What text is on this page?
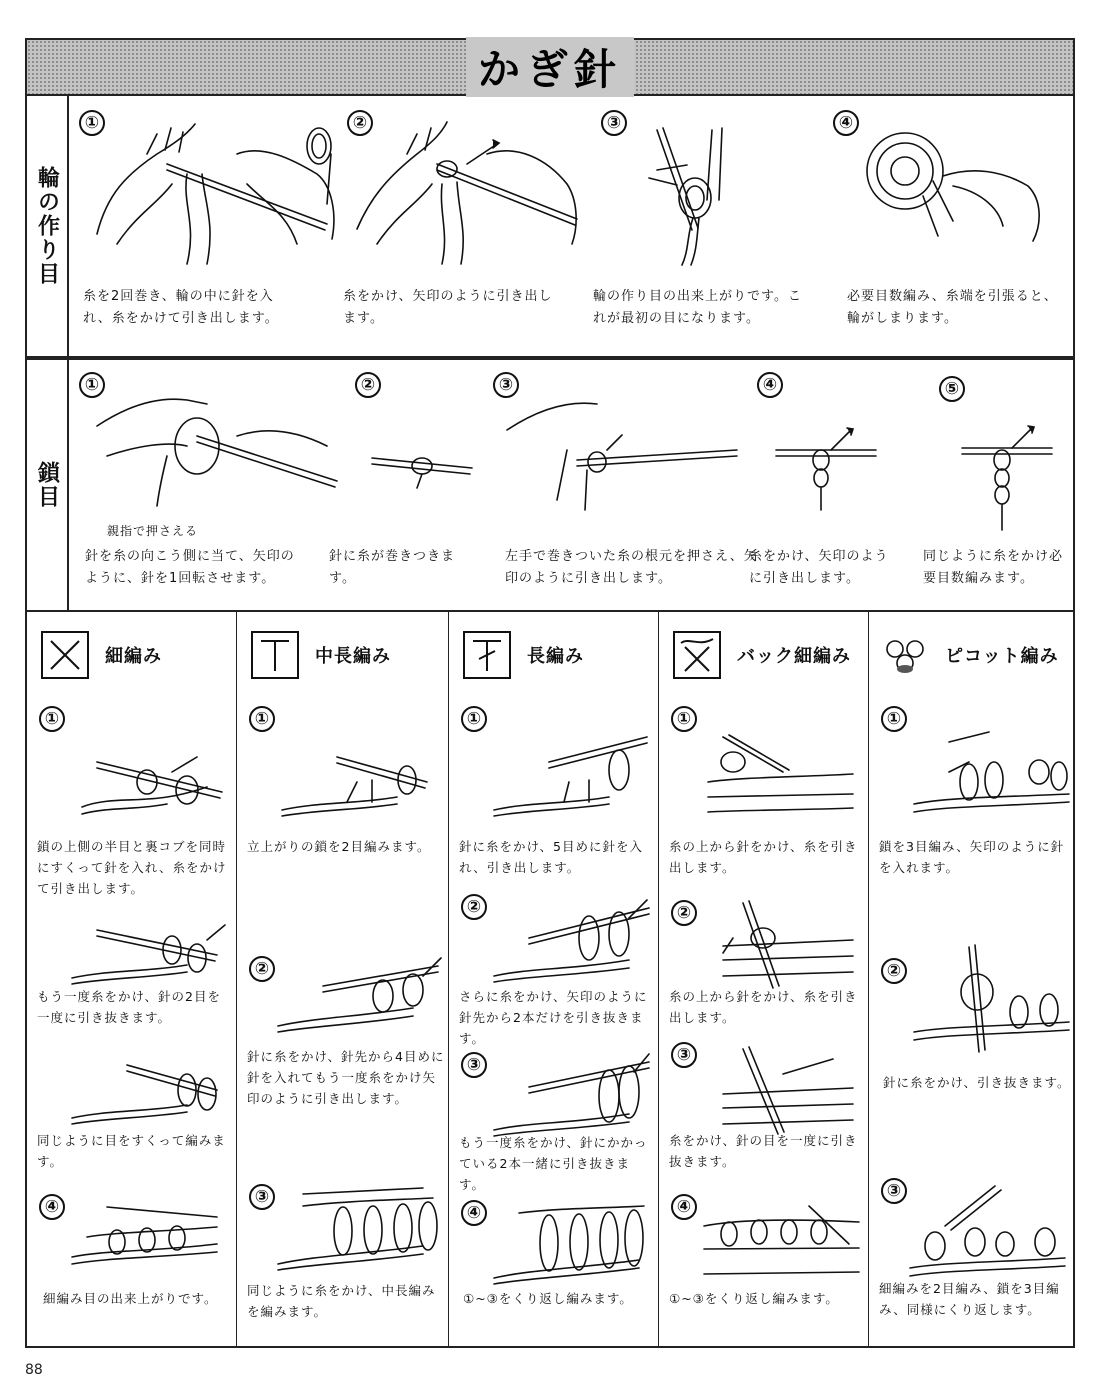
かぎ針
輪の作り目
①
糸を2回巻き、輪の中に針を入れ、糸をかけて引き出します。
②
糸をかけ、矢印のように引き出します。
③
輪の作り目の出来上がりです。これが最初の目になります。
④
必要目数編み、糸端を引張ると、輪がしまります。
鎖目
①
針を糸の向こう側に当て、矢印のように、針を1回転させます。
②
針に糸が巻きつきます。
③
親指で押さえる
左手で巻きついた糸の根元を押さえ、矢印のように引き出します。
④
糸をかけ、矢印のように引き出します。
⑤
同じように糸をかけ必要目数編みます。
細編み
①
鎖の上側の半目と裏コブを同時にすくって針を入れ、糸をかけて引き出します。
もう一度糸をかけ、針の2目を一度に引き抜きます。
同じように目をすくって編みます。
④
細編み目の出来上がりです。
中長編み
①
立上がりの鎖を2目編みます。
②
針に糸をかけ、針先から4目めに針を入れてもう一度糸をかけ矢印のように引き出します。
③
同じように糸をかけ、中長編みを編みます。
長編み
①
針に糸をかけ、5目めに針を入れ、引き出します。
②
さらに糸をかけ、矢印のように針先から2本だけを引き抜きます。
③
もう一度糸をかけ、針にかかっている2本一緒に引き抜きます。
④
①~③をくり返し編みます。
バック細編み
①
糸の上から針をかけ、糸を引き出します。
②
糸の上から針をかけ、糸を引き出します。
③
糸をかけ、針の目を一度に引き抜きます。
④
①~③をくり返し編みます。
ピコット編み
①
鎖を3目編み、矢印のように針を入れます。
②
針に糸をかけ、引き抜きます。
③
細編みを2目編み、鎖を3目編み、同様にくり返します。
88
